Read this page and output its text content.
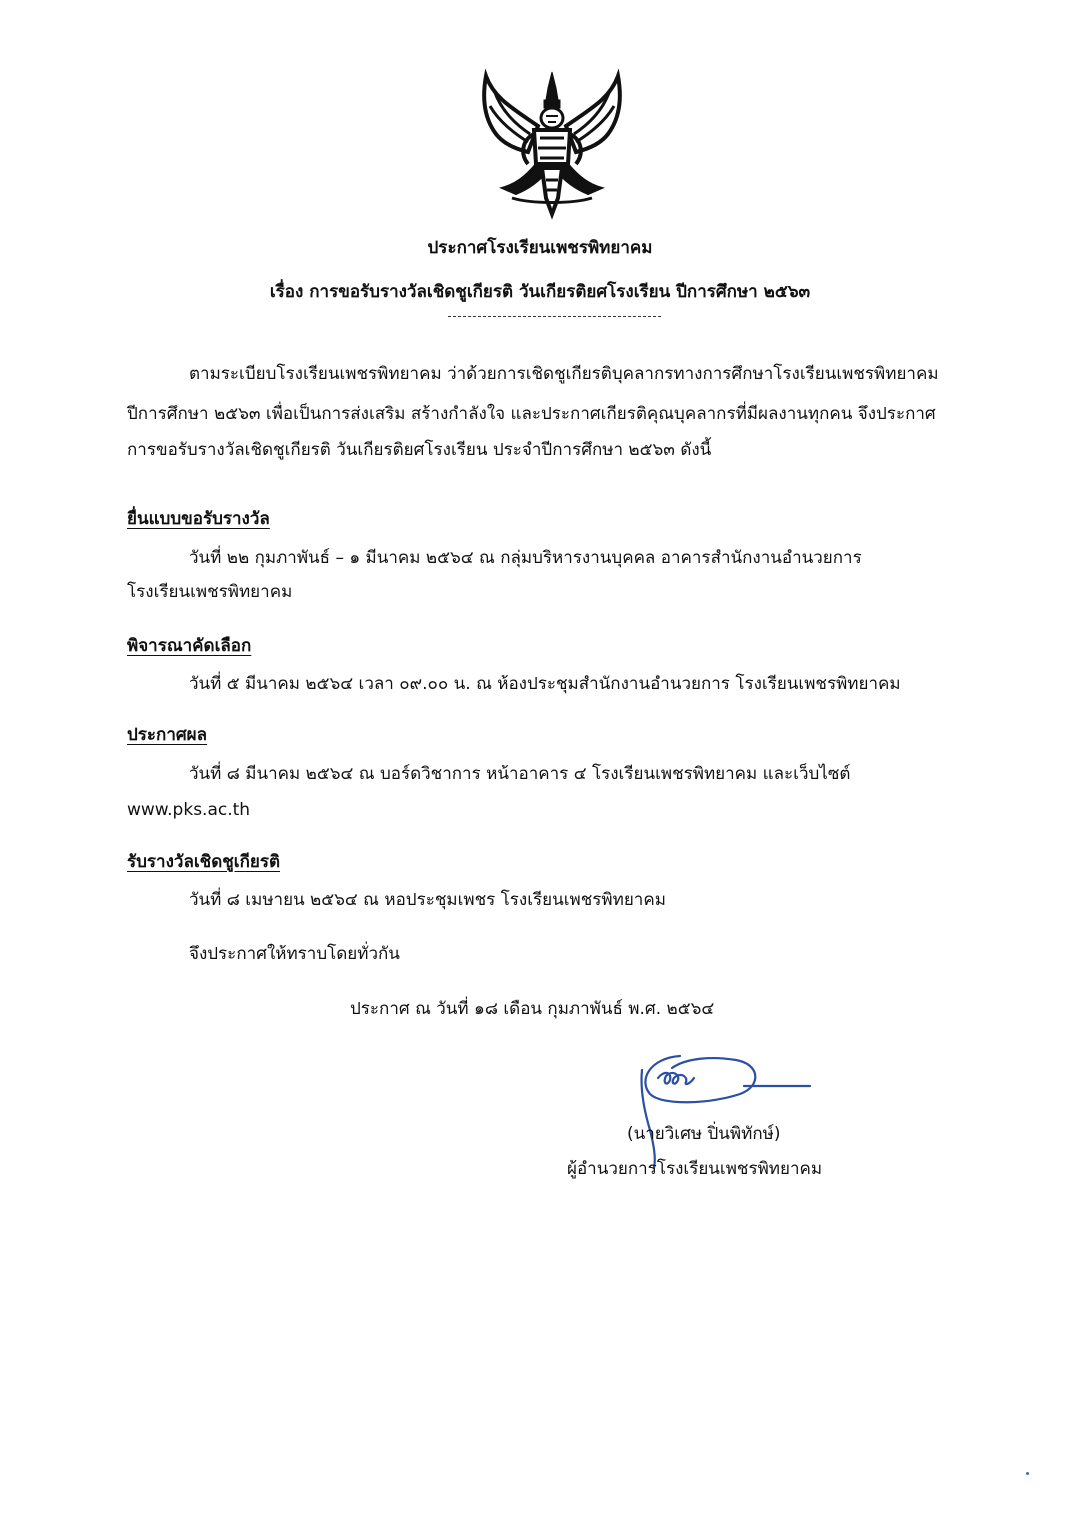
ประกาศโรงเรียนเพชรพิทยาคม
เรื่อง การขอรับรางวัลเชิดชูเกียรติ วันเกียรติยศโรงเรียน ปีการศึกษา ๒๕๖๓
ตามระเบียบโรงเรียนเพชรพิทยาคม ว่าด้วยการเชิดชูเกียรติบุคลากรทางการศึกษาโรงเรียนเพชรพิทยาคม
ปีการศึกษา ๒๕๖๓ เพื่อเป็นการส่งเสริม สร้างกำลังใจ และประกาศเกียรติคุณบุคลากรที่มีผลงานทุกคน จึงประกาศ
การขอรับรางวัลเชิดชูเกียรติ วันเกียรติยศโรงเรียน ประจำปีการศึกษา ๒๕๖๓ ดังนี้
ยื่นแบบขอรับรางวัล
วันที่ ๒๒ กุมภาพันธ์ – ๑ มีนาคม ๒๕๖๔ ณ กลุ่มบริหารงานบุคคล อาคารสำนักงานอำนวยการ
โรงเรียนเพชรพิทยาคม
พิจารณาคัดเลือก
วันที่ ๕ มีนาคม ๒๕๖๔ เวลา ๐๙.๐๐ น. ณ ห้องประชุมสำนักงานอำนวยการ โรงเรียนเพชรพิทยาคม
ประกาศผล
วันที่ ๘ มีนาคม ๒๕๖๔ ณ บอร์ดวิชาการ หน้าอาคาร ๔ โรงเรียนเพชรพิทยาคม และเว็บไซต์
www.pks.ac.th
รับรางวัลเชิดชูเกียรติ
วันที่ ๘ เมษายน ๒๕๖๔ ณ หอประชุมเพชร โรงเรียนเพชรพิทยาคม
จึงประกาศให้ทราบโดยทั่วกัน
ประกาศ ณ วันที่ ๑๘ เดือน กุมภาพันธ์ พ.ศ. ๒๕๖๔
(นายวิเศษ ปิ่นพิทักษ์)
ผู้อำนวยการโรงเรียนเพชรพิทยาคม
